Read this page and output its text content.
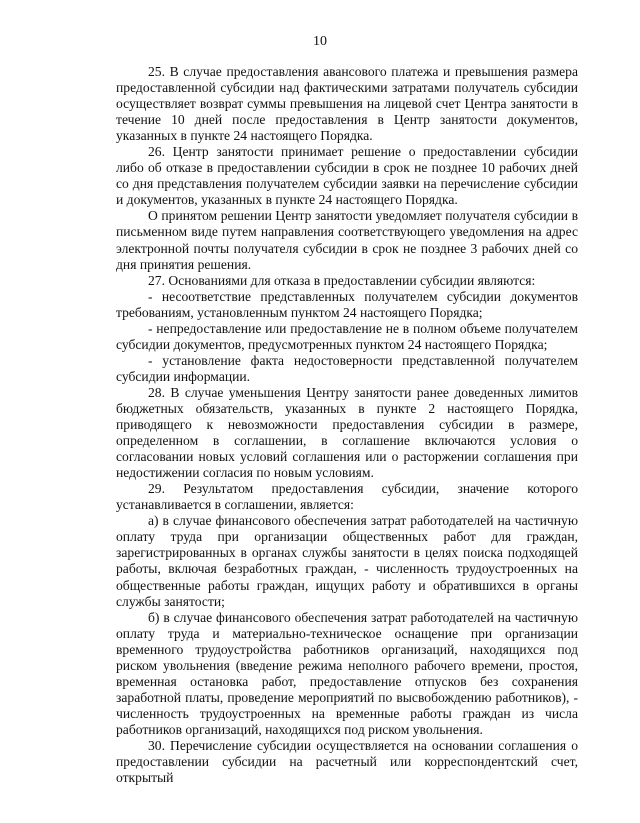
10

25. В случае предоставления авансового платежа и превышения размера предоставленной субсидии над фактическими затратами получатель субсидии осуществляет возврат суммы превышения на лицевой счет Центра занятости в течение 10 дней после предоставления в Центр занятости документов, указанных в пункте 24 настоящего Порядка.

26. Центр занятости принимает решение о предоставлении субсидии либо об отказе в предоставлении субсидии в срок не позднее 10 рабочих дней со дня представления получателем субсидии заявки на перечисление субсидии и документов, указанных в пункте 24 настоящего Порядка.

О принятом решении Центр занятости уведомляет получателя субсидии в письменном виде путем направления соответствующего уведомления на адрес электронной почты получателя субсидии в срок не позднее 3 рабочих дней со дня принятия решения.

27. Основаниями для отказа в предоставлении субсидии являются:

- несоответствие представленных получателем субсидии документов требованиям, установленным пунктом 24 настоящего Порядка;

- непредоставление или предоставление не в полном объеме получателем субсидии документов, предусмотренных пунктом 24 настоящего Порядка;

- установление факта недостоверности представленной получателем субсидии информации.

28. В случае уменьшения Центру занятости ранее доведенных лимитов бюджетных обязательств, указанных в пункте 2 настоящего Порядка, приводящего к невозможности предоставления субсидии в размере, определенном в соглашении, в соглашение включаются условия о согласовании новых условий соглашения или о расторжении соглашения при недостижении согласия по новым условиям.

29. Результатом предоставления субсидии, значение которого устанавливается в соглашении, является:

а) в случае финансового обеспечения затрат работодателей на частичную оплату труда при организации общественных работ для граждан, зарегистрированных в органах службы занятости в целях поиска подходящей работы, включая безработных граждан, - численность трудоустроенных на общественные работы граждан, ищущих работу и обратившихся в органы службы занятости;

б) в случае финансового обеспечения затрат работодателей на частичную оплату труда и материально-техническое оснащение при организации временного трудоустройства работников организаций, находящихся под риском увольнения (введение режима неполного рабочего времени, простоя, временная остановка работ, предоставление отпусков без сохранения заработной платы, проведение мероприятий по высвобождению работников), - численность трудоустроенных на временные работы граждан из числа работников организаций, находящихся под риском увольнения.

30. Перечисление субсидии осуществляется на основании соглашения о предоставлении субсидии на расчетный или корреспондентский счет, открытый
